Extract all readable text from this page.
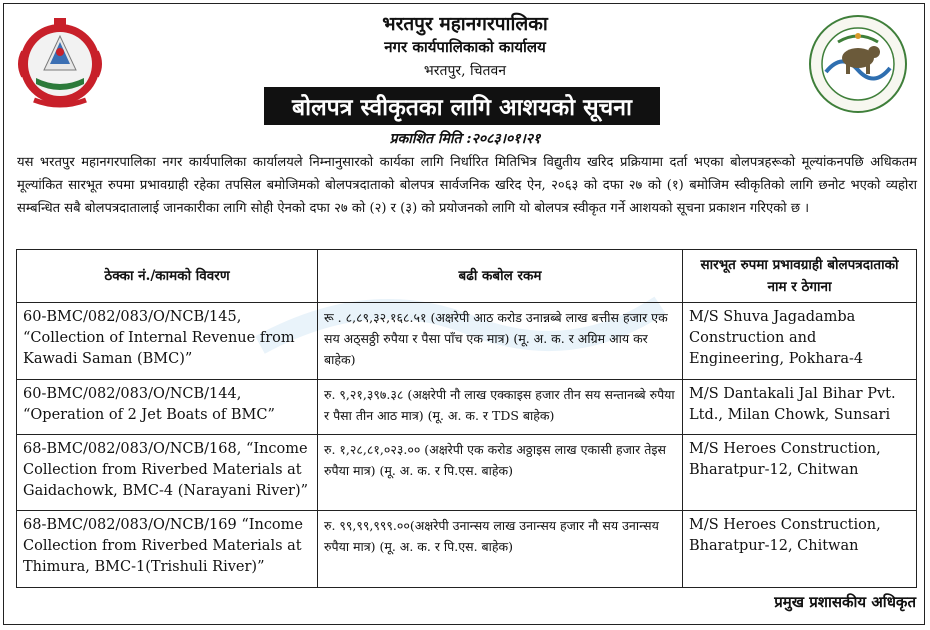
भरतपुर महानगरपालिका
नगर कार्यपालिकाको कार्यालय
भरतपुर, चितवन
बोलपत्र स्वीकृतका लागि आशयको सूचना
प्रकाशित मिति :२०८३।०१।२१
यस भरतपुर महानगरपालिका नगर कार्यपालिका कार्यालयले निम्नानुसारको कार्यका लागि निर्धारित मितिभित्र विद्युतीय खरिद प्रक्रियामा दर्ता भएका बोलपत्रहरूको मूल्यांकनपछि अधिकतम मूल्यांकित सारभूत रुपमा प्रभावग्राही रहेका तपसिल बमोजिमको बोलपत्रदाताको बोलपत्र सार्वजनिक खरिद ऐन, २०६३ को दफा २७ को (१) बमोजिम स्वीकृतिको लागि छनोट भएको व्यहोरा सम्बन्धित सबै बोलपत्रदातालाई जानकारीका लागि सोही ऐनको दफा २७ को (२) र (३) को प्रयोजनको लागि यो बोलपत्र स्वीकृत गर्ने आशयको सूचना प्रकाशन गरिएको छ ।
ठेक्का नं./कामको विवरण	बढी कबोल रकम	सारभूत रुपमा प्रभावग्राही बोलपत्रदाताको नाम र ठेगाना
60-BMC/082/083/O/NCB/145, “Collection of Internal Revenue from Kawadi Saman (BMC)”	रू . ८,८९,३२,१६८.५१ (अक्षरेपी आठ करोड उनान्नब्बे लाख बत्तीस हजार एक सय अठ्सठ्ठी रुपैया र पैसा पाँच एक मात्र) (मू. अ. क. र अग्रिम आय कर बाहेक)	M/S Shuva Jagadamba Construction and Engineering, Pokhara-4
60-BMC/082/083/O/NCB/144, “Operation of 2 Jet Boats of BMC”	रु. ९,२१,३९७.३८ (अक्षरेपी नौ लाख एक्काइस हजार तीन सय सन्तानब्बे रुपैया र पैसा तीन आठ मात्र) (मू. अ. क. र TDS बाहेक)	M/S Dantakali Jal Bihar Pvt. Ltd., Milan Chowk, Sunsari
68-BMC/082/083/O/NCB/168, “Income Collection from Riverbed Materials at Gaidachowk, BMC-4 (Narayani River)”	रु. १,२८,८१,०२३.०० (अक्षरेपी एक करोड अठ्ठाइस लाख एकासी हजार तेइस रुपैया मात्र) (मू. अ. क. र पि.एस. बाहेक)	M/S Heroes Construction, Bharatpur-12, Chitwan
68-BMC/082/083/O/NCB/169 “Income Collection from Riverbed Materials at Thimura, BMC-1(Trishuli River)”	रु. ९९,९९,९९९.००(अक्षरेपी उनान्सय लाख उनान्सय हजार नौ सय उनान्सय रुपैया मात्र) (मू. अ. क. र पि.एस. बाहेक)	M/S Heroes Construction, Bharatpur-12, Chitwan
प्रमुख प्रशासकीय अधिकृत
